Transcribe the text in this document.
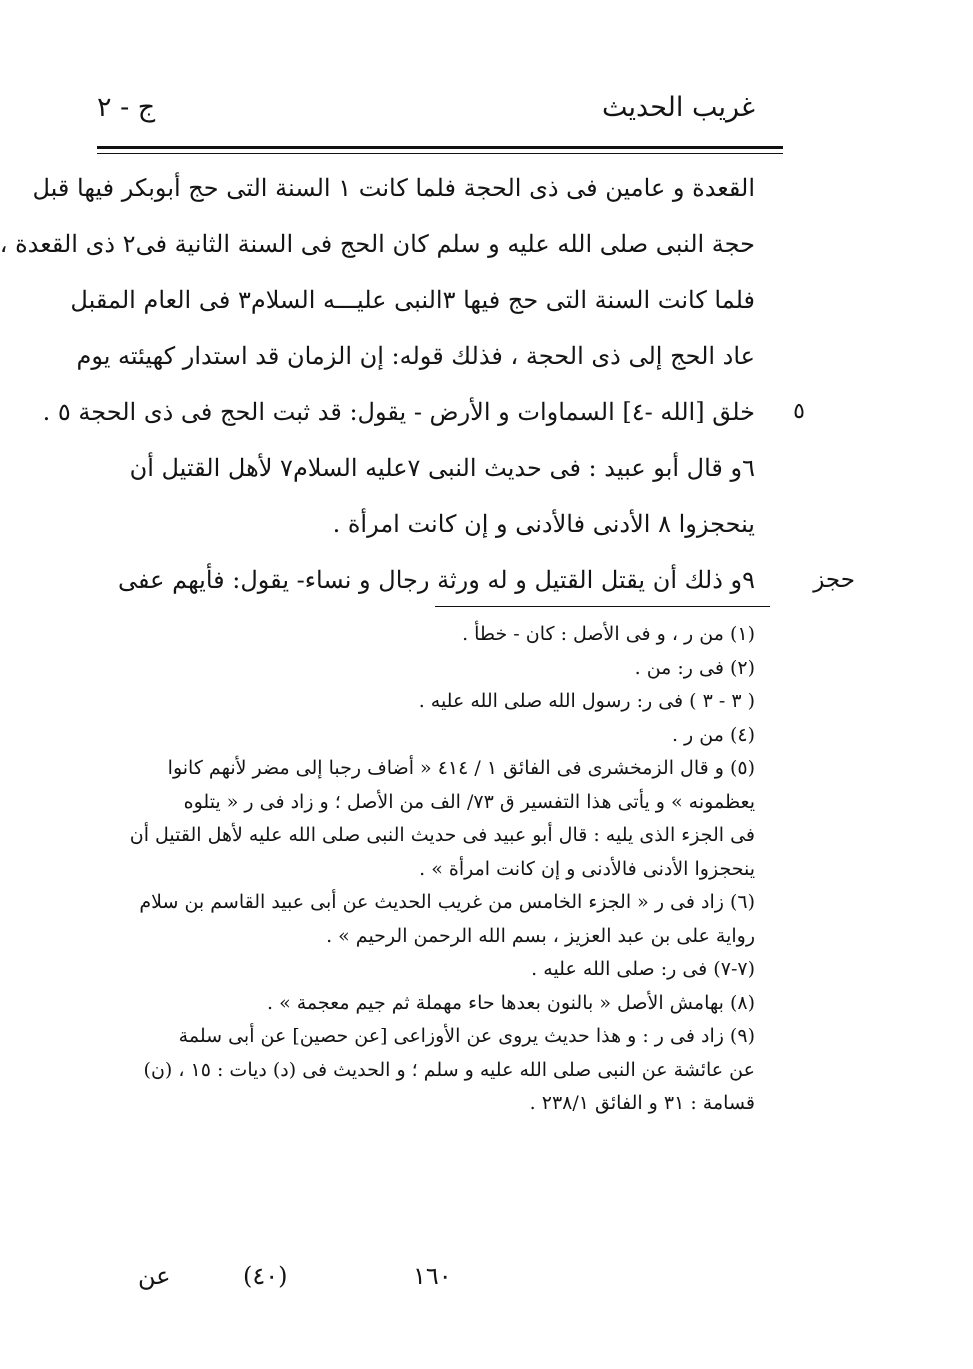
غريب الحديث
ج - ٢
القعدة و عامين فى ذى الحجة فلما كانت ١ السنة التى حج أبوبكر فيها قبل
حجة النبى صلى الله عليه و سلم كان الحج فى السنة الثانية فى٢ ذى القعدة ،
فلما كانت السنة التى حج فيها ٣النبى عليـــه السلام٣ فى العام المقبل
عاد الحج إلى ذى الحجة ، فذلك قوله: إن الزمان قد استدار كهيئته يوم
خلق [الله -٤] السماوات و الأرض - يقول: قد ثبت الحج فى ذى الحجة ٥ .
٦و قال أبو عبيد : فى حديث النبى ٧عليه السلام٧ لأهل القتيل أن
ينحجزوا ٨ الأدنى فالأدنى و إن كانت امرأة .
٩و ذلك أن يقتل القتيل و له ورثة رجال و نساء- يقول: فأيهم عفى
٥
حجز
(١) من ر ، و فى الأصل : كان - خطأ .
(٢) فى ر: من .
( ٣ - ٣ ) فى ر: رسول الله صلى الله عليه .
(٤) من ر .
(٥) و قال الزمخشرى فى الفائق ١ / ٤١٤ « أضاف رجبا إلى مضر لأنهم كانوا
يعظمونه » و يأتى هذا التفسير ق ٧٣/ الف من الأصل ؛ و زاد فى ر « يتلوه
فى الجزء الذى يليه : قال أبو عبيد فى حديث النبى صلى الله عليه لأهل القتيل أن
ينحجزوا الأدنى فالأدنى و إن كانت امرأة » .
(٦) زاد فى ر « الجزء الخامس من غريب الحديث عن أبى عبيد القاسم بن سلام
رواية على بن عبد العزيز ، بسم الله الرحمن الرحيم » .
(٧-٧) فى ر: صلى الله عليه .
(٨) بهامش الأصل « بالنون بعدها حاء مهملة ثم جيم معجمة » .
(٩) زاد فى ر : و هذا حديث يروى عن الأوزاعى [عن حصين] عن أبى سلمة
عن عائشة عن النبى صلى الله عليه و سلم ؛ و الحديث فى (د) ديات : ١٥ ، (ن)
قسامة : ٣١ و الفائق ٢٣٨/١ .
١٦٠
(٤٠)
عن
